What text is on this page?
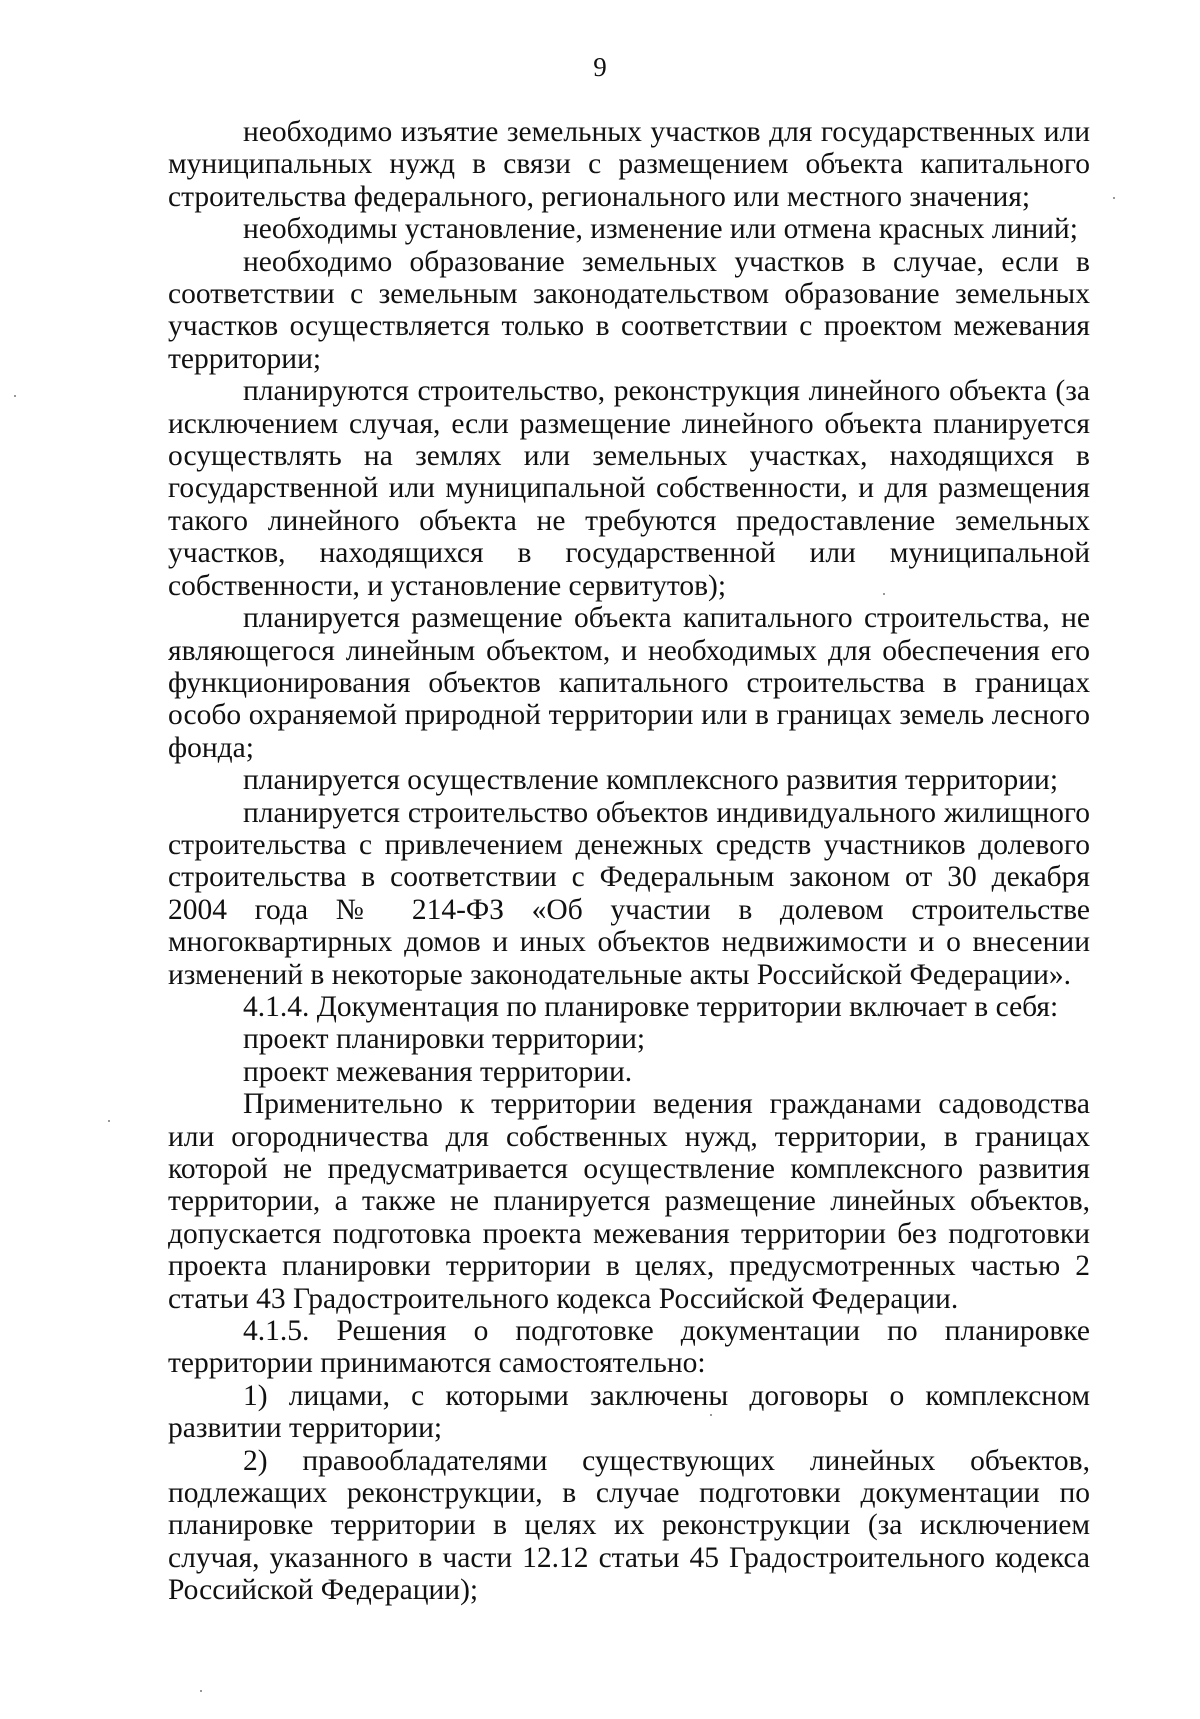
9

необходимо изъятие земельных участков для государственных или муниципальных нужд в связи с размещением объекта капитального строительства федерального, регионального или местного значения;

необходимы установление, изменение или отмена красных линий;

необходимо образование земельных участков в случае, если в соответствии с земельным законодательством образование земельных участков осуществляется только в соответствии с проектом межевания территории;

планируются строительство, реконструкция линейного объекта (за исключением случая, если размещение линейного объекта планируется осуществлять на землях или земельных участках, находящихся в государственной или муниципальной собственности, и для размещения такого линейного объекта не требуются предоставление земельных участков, находящихся в государственной или муниципальной собственности, и установление сервитутов);

планируется размещение объекта капитального строительства, не являющегося линейным объектом, и необходимых для обеспечения его функционирования объектов капитального строительства в границах особо охраняемой природной территории или в границах земель лесного фонда;

планируется осуществление комплексного развития территории;

планируется строительство объектов индивидуального жилищного строительства с привлечением денежных средств участников долевого строительства в соответствии с Федеральным законом от 30 декабря 2004 года № 214-ФЗ «Об участии в долевом строительстве многоквартирных домов и иных объектов недвижимости и о внесении изменений в некоторые законодательные акты Российской Федерации».

4.1.4. Документация по планировке территории включает в себя:

проект планировки территории;

проект межевания территории.

Применительно к территории ведения гражданами садоводства или огородничества для собственных нужд, территории, в границах которой не предусматривается осуществление комплексного развития территории, а также не планируется размещение линейных объектов, допускается подготовка проекта межевания территории без подготовки проекта планировки территории в целях, предусмотренных частью 2 статьи 43 Градостроительного кодекса Российской Федерации.

4.1.5. Решения о подготовке документации по планировке территории принимаются самостоятельно:

1) лицами, с которыми заключены договоры о комплексном развитии территории;

2) правообладателями существующих линейных объектов, подлежащих реконструкции, в случае подготовки документации по планировке территории в целях их реконструкции (за исключением случая, указанного в части 12.12 статьи 45 Градостроительного кодекса Российской Федерации);
